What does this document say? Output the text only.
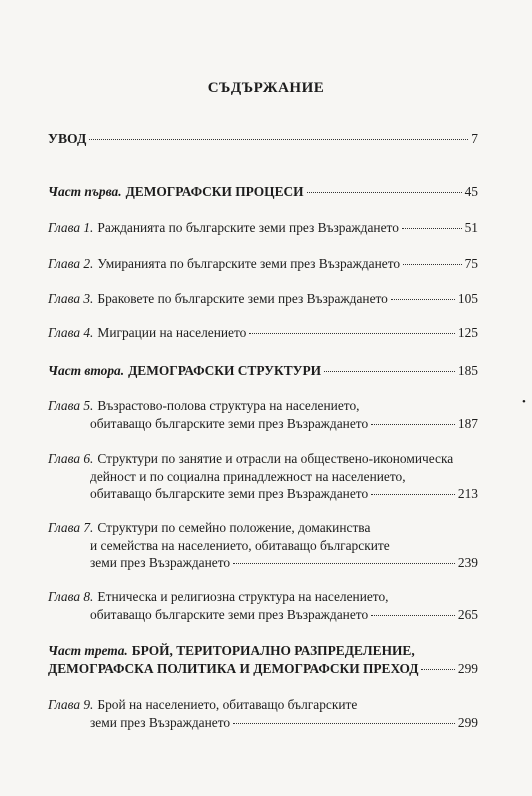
СЪДЪРЖАНИЕ
УВОД	7
Част първа. ДЕМОГРАФСКИ ПРОЦЕСИ	45
Глава 1. Ражданията по българските земи през Възраждането	51
Глава 2. Умиранията по българските земи през Възраждането	75
Глава 3. Браковете по българските земи през Възраждането	105
Глава 4. Миграции на населението	125
Част втора. ДЕМОГРАФСКИ СТРУКТУРИ	185
Глава 5. Възрастово-полова структура на населението,
обитаващо българските земи през Възраждането	187
Глава 6. Структури по занятие и отрасли на обществено-икономическа
дейност и по социална принадлежност на населението,
обитаващо българските земи през Възраждането	213
Глава 7. Структури по семейно положение, домакинства
и семейства на населението, обитаващо българските
земи през Възраждането	239
Глава 8. Етническа и религиозна структура на населението,
обитаващо българските земи през Възраждането	265
Част трета. БРОЙ, ТЕРИТОРИАЛНО РАЗПРЕДЕЛЕНИЕ,
ДЕМОГРАФСКА ПОЛИТИКА И ДЕМОГРАФСКИ ПРЕХОД	299
Глава 9. Брой на населението, обитаващо българските
земи през Възраждането	299
•
